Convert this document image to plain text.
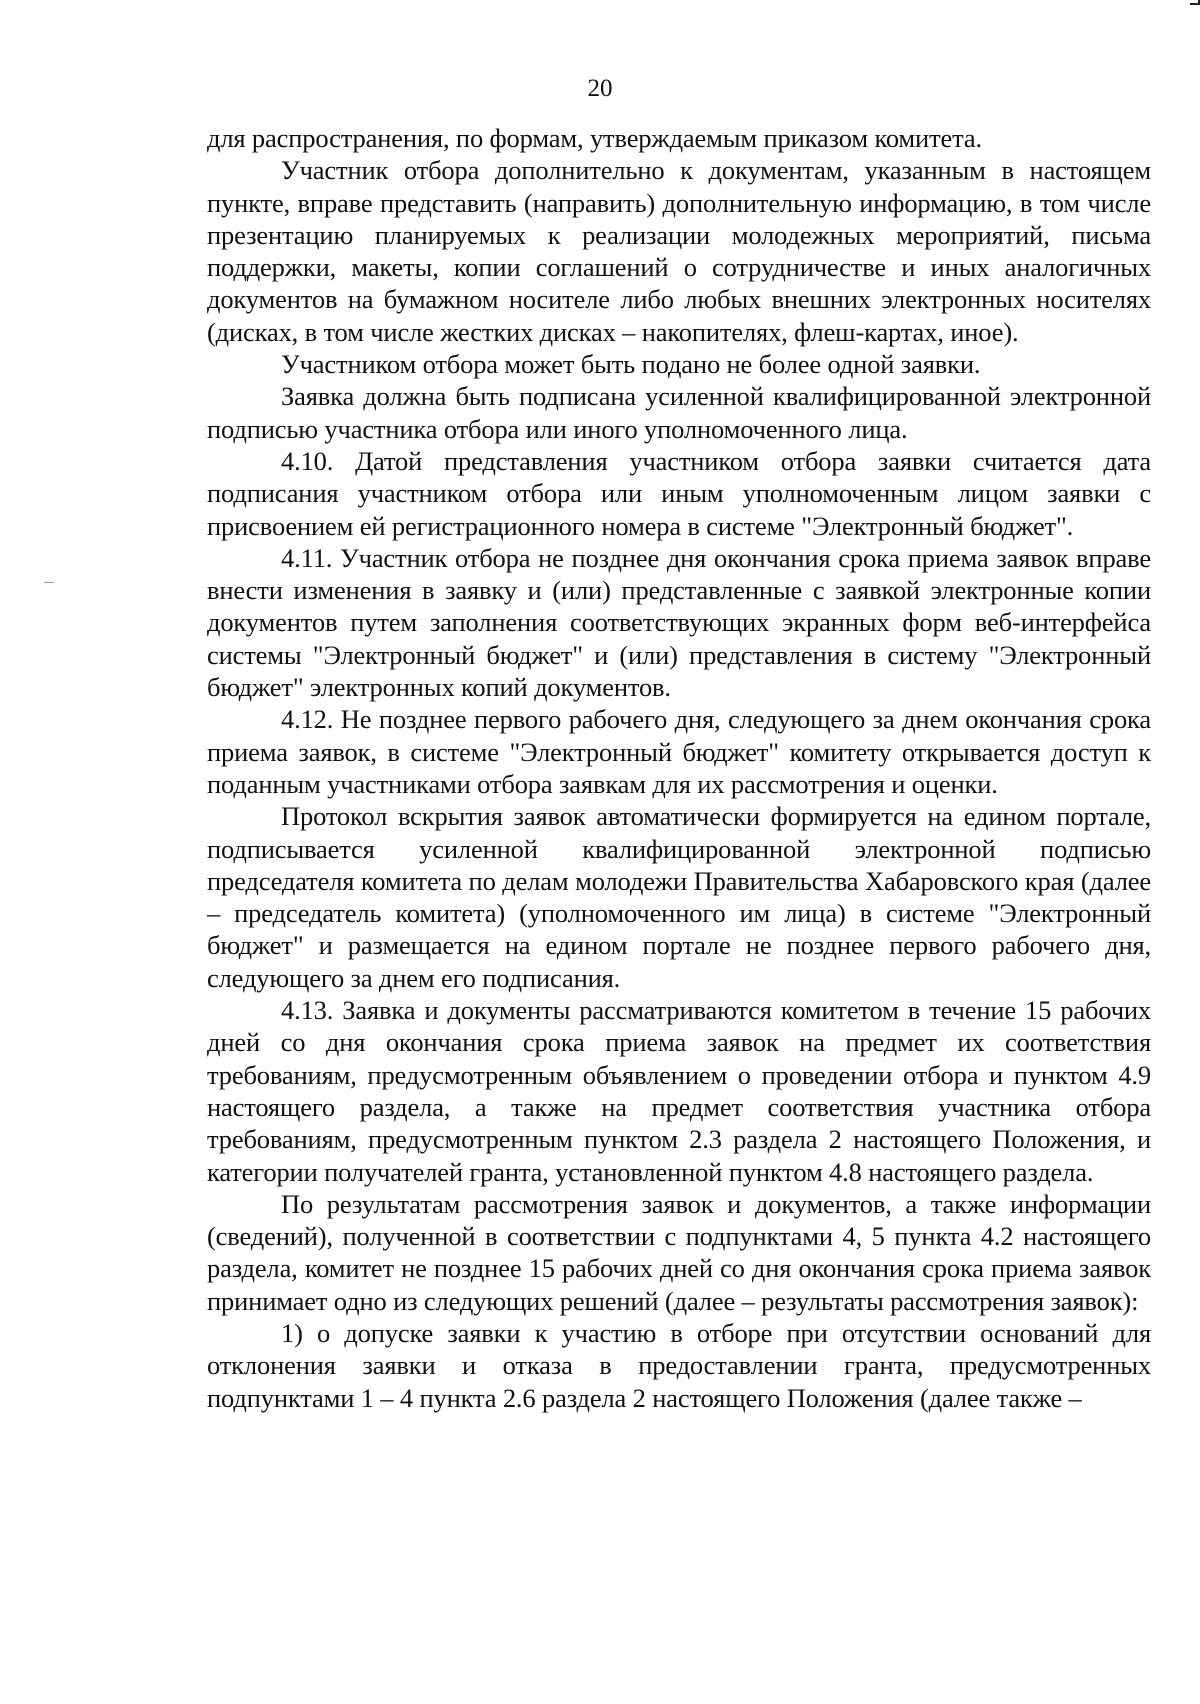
20

для распространения, по формам, утверждаемым приказом комитета.

Участник отбора дополнительно к документам, указанным в настоящем пункте, вправе представить (направить) дополнительную информацию, в том числе презентацию планируемых к реализации молодежных мероприятий, письма поддержки, макеты, копии соглашений о сотрудничестве и иных аналогичных документов на бумажном носителе либо любых внешних электронных носителях (дисках, в том числе жестких дисках – накопителях, флеш-картах, иное).

Участником отбора может быть подано не более одной заявки.

Заявка должна быть подписана усиленной квалифицированной электронной подписью участника отбора или иного уполномоченного лица.

4.10. Датой представления участником отбора заявки считается дата подписания участником отбора или иным уполномоченным лицом заявки с присвоением ей регистрационного номера в системе "Электронный бюджет".

4.11. Участник отбора не позднее дня окончания срока приема заявок вправе внести изменения в заявку и (или) представленные с заявкой электронные копии документов путем заполнения соответствующих экранных форм веб-интерфейса системы "Электронный бюджет" и (или) представления в систему "Электронный бюджет" электронных копий документов.

4.12. Не позднее первого рабочего дня, следующего за днем окончания срока приема заявок, в системе "Электронный бюджет" комитету открывается доступ к поданным участниками отбора заявкам для их рассмотрения и оценки.

Протокол вскрытия заявок автоматически формируется на едином портале, подписывается усиленной квалифицированной электронной подписью председателя комитета по делам молодежи Правительства Хабаровского края (далее – председатель комитета) (уполномоченного им лица) в системе "Электронный бюджет" и размещается на едином портале не позднее первого рабочего дня, следующего за днем его подписания.

4.13. Заявка и документы рассматриваются комитетом в течение 15 рабочих дней со дня окончания срока приема заявок на предмет их соответствия требованиям, предусмотренным объявлением о проведении отбора и пунктом 4.9 настоящего раздела, а также на предмет соответствия участника отбора требованиям, предусмотренным пунктом 2.3 раздела 2 настоящего Положения, и категории получателей гранта, установленной пунктом 4.8 настоящего раздела.

По результатам рассмотрения заявок и документов, а также информации (сведений), полученной в соответствии с подпунктами 4, 5 пункта 4.2 настоящего раздела, комитет не позднее 15 рабочих дней со дня окончания срока приема заявок принимает одно из следующих решений (далее – результаты рассмотрения заявок):

1) о допуске заявки к участию в отборе при отсутствии оснований для отклонения заявки и отказа в предоставлении гранта, предусмотренных подпунктами 1 – 4 пункта 2.6 раздела 2 настоящего Положения (далее также –
